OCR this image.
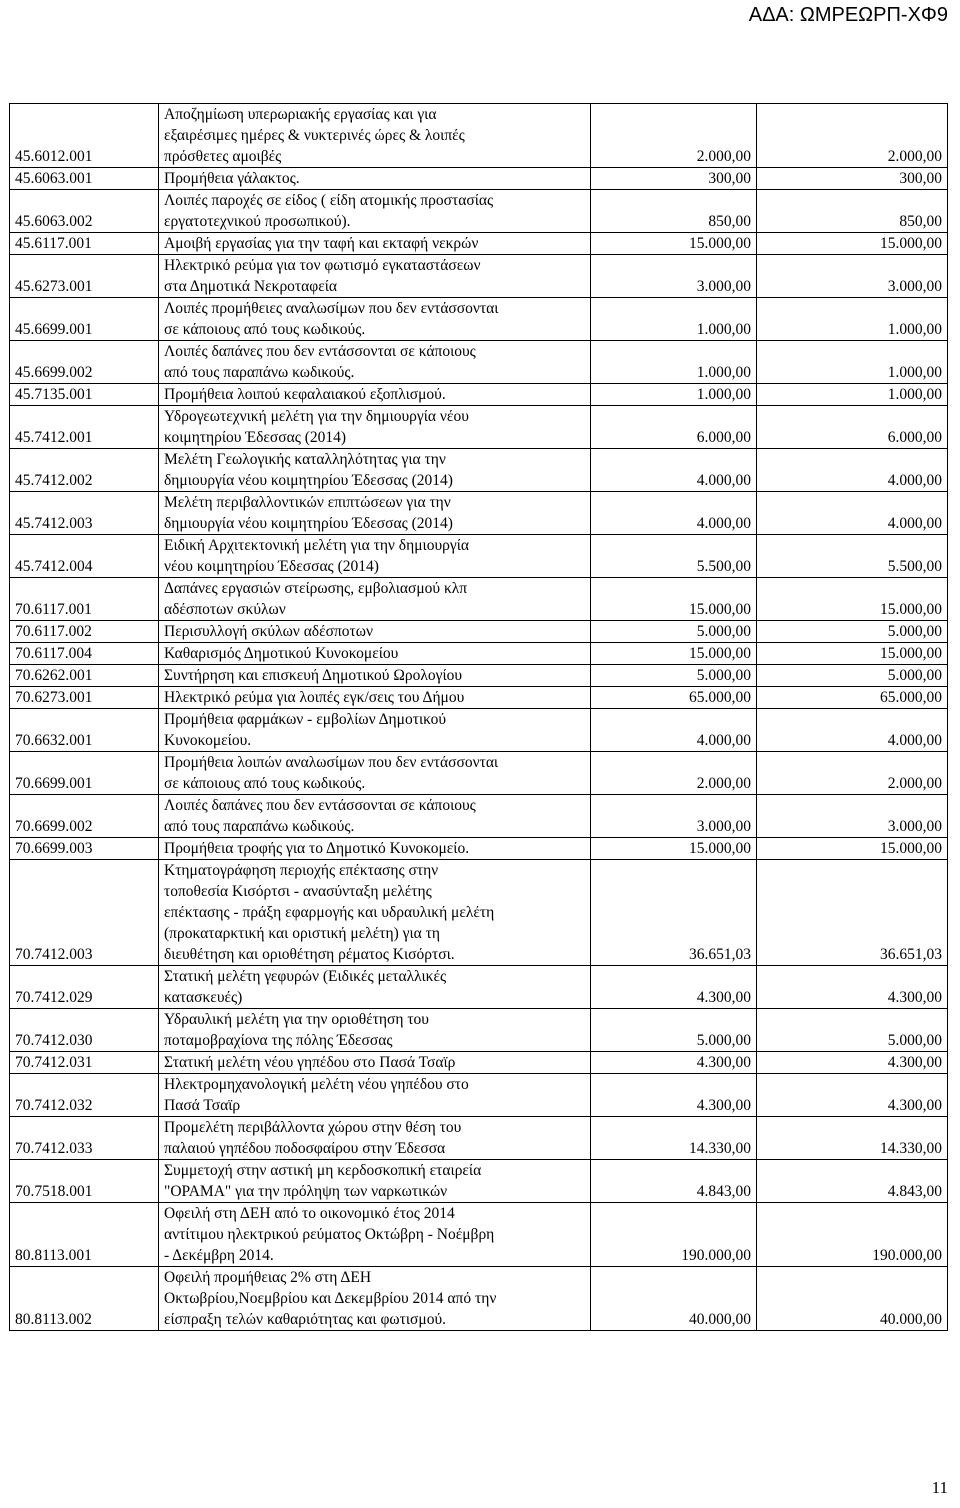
ΑΔΑ: ΩΜΡΕΩΡΠ-ΧΦ9
45.6012.001	Αποζημίωση υπερωριακής εργασίας και για
εξαιρέσιμες ημέρες & νυκτερινές ώρες & λοιπές
πρόσθετες αμοιβές	2.000,00	2.000,00
45.6063.001	Προμήθεια γάλακτος.	300,00	300,00
45.6063.002	Λοιπές παροχές σε είδος ( είδη ατομικής προστασίας
εργατοτεχνικού προσωπικού).	850,00	850,00
45.6117.001	Αμοιβή εργασίας για την ταφή και εκταφή νεκρών	15.000,00	15.000,00
45.6273.001	Ηλεκτρικό ρεύμα για τον φωτισμό εγκαταστάσεων
στα Δημοτικά Νεκροταφεία	3.000,00	3.000,00
45.6699.001	Λοιπές προμήθειες αναλωσίμων που δεν εντάσσονται
σε κάποιους από τους κωδικούς.	1.000,00	1.000,00
45.6699.002	Λοιπές δαπάνες που δεν εντάσσονται σε κάποιους
από τους παραπάνω κωδικούς.	1.000,00	1.000,00
45.7135.001	Προμήθεια λοιπού κεφαλαιακού εξοπλισμού.	1.000,00	1.000,00
45.7412.001	Υδρογεωτεχνική μελέτη για την δημιουργία νέου
κοιμητηρίου Έδεσσας (2014)	6.000,00	6.000,00
45.7412.002	Μελέτη Γεωλογικής καταλληλότητας για την
δημιουργία νέου κοιμητηρίου Έδεσσας (2014)	4.000,00	4.000,00
45.7412.003	Μελέτη περιβαλλοντικών επιπτώσεων για την
δημιουργία νέου κοιμητηρίου Έδεσσας (2014)	4.000,00	4.000,00
45.7412.004	Ειδική Αρχιτεκτονική μελέτη για την δημιουργία
νέου κοιμητηρίου Έδεσσας (2014)	5.500,00	5.500,00
70.6117.001	Δαπάνες εργασιών στείρωσης, εμβολιασμού κλπ
αδέσποτων σκύλων	15.000,00	15.000,00
70.6117.002	Περισυλλογή σκύλων αδέσποτων	5.000,00	5.000,00
70.6117.004	Καθαρισμός Δημοτικού Κυνοκομείου	15.000,00	15.000,00
70.6262.001	Συντήρηση και επισκευή Δημοτικού Ωρολογίου	5.000,00	5.000,00
70.6273.001	Ηλεκτρικό ρεύμα για λοιπές εγκ/σεις του Δήμου	65.000,00	65.000,00
70.6632.001	Προμήθεια φαρμάκων - εμβολίων Δημοτικού
Κυνοκομείου.	4.000,00	4.000,00
70.6699.001	Προμήθεια λοιπών αναλωσίμων που δεν εντάσσονται
σε κάποιους από τους κωδικούς.	2.000,00	2.000,00
70.6699.002	Λοιπές δαπάνες που δεν εντάσσονται σε κάποιους
από τους παραπάνω κωδικούς.	3.000,00	3.000,00
70.6699.003	Προμήθεια τροφής για το Δημοτικό Κυνοκομείο.	15.000,00	15.000,00
70.7412.003	Κτηματογράφηση περιοχής επέκτασης στην
τοποθεσία Κισόρτσι - ανασύνταξη μελέτης
επέκτασης - πράξη εφαρμογής και υδραυλική μελέτη
(προκαταρκτική και οριστική μελέτη) για τη
διευθέτηση και οριοθέτηση ρέματος Κισόρτσι.	36.651,03	36.651,03
70.7412.029	Στατική μελέτη γεφυρών (Ειδικές μεταλλικές
κατασκευές)	4.300,00	4.300,00
70.7412.030	Υδραυλική μελέτη για την οριοθέτηση του
ποταμοβραχίονα της πόλης Έδεσσας	5.000,00	5.000,00
70.7412.031	Στατική μελέτη νέου γηπέδου στο Πασά Τσαϊρ	4.300,00	4.300,00
70.7412.032	Ηλεκτρομηχανολογική μελέτη νέου γηπέδου στο
Πασά Τσαϊρ	4.300,00	4.300,00
70.7412.033	Προμελέτη περιβάλλοντα χώρου στην θέση του
παλαιού γηπέδου ποδοσφαίρου στην Έδεσσα	14.330,00	14.330,00
70.7518.001	Συμμετοχή στην αστική μη κερδοσκοπική εταιρεία
"ΟΡΑΜΑ" για την πρόληψη των ναρκωτικών	4.843,00	4.843,00
80.8113.001	Οφειλή στη ΔΕΗ από το οικονομικό έτος 2014
αντίτιμου ηλεκτρικού ρεύματος Οκτώβρη - Νοέμβρη
- Δεκέμβρη 2014.	190.000,00	190.000,00
80.8113.002	Οφειλή προμήθειας 2% στη ΔΕΗ
Οκτωβρίου,Νοεμβρίου και Δεκεμβρίου 2014 από την
είσπραξη τελών καθαριότητας και φωτισμού.	40.000,00	40.000,00
11
